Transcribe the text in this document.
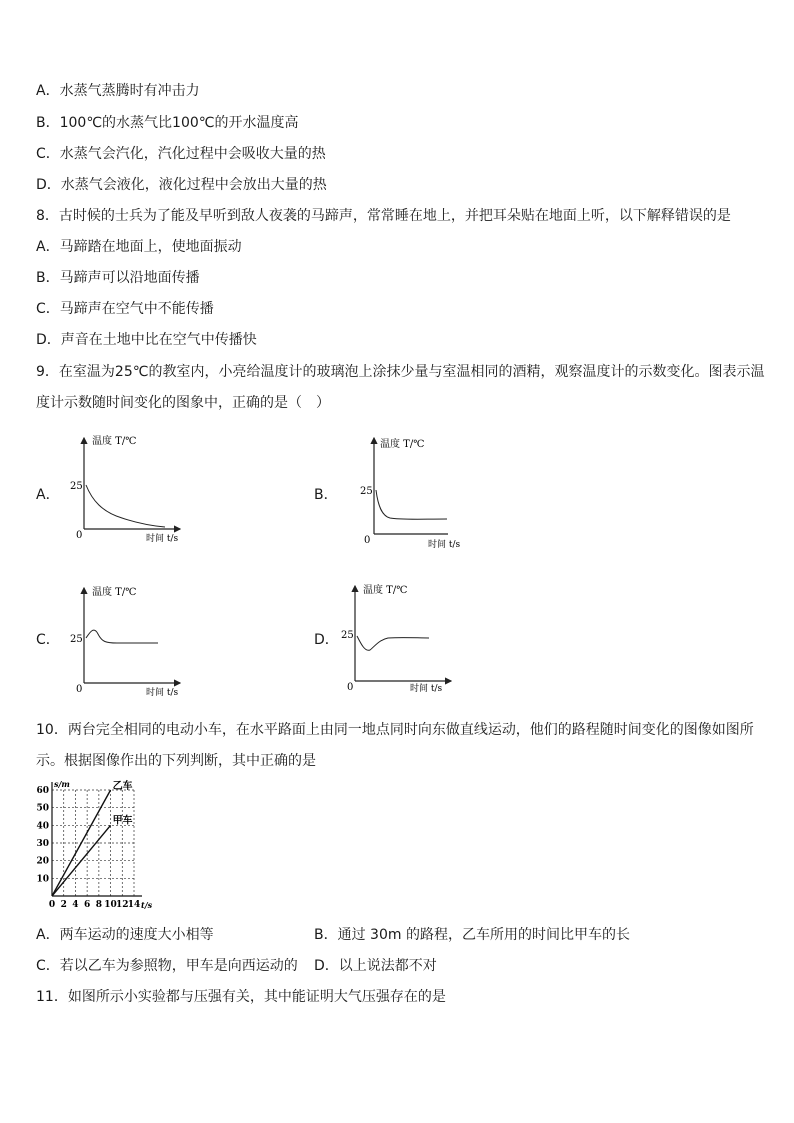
A．水蒸气蒸腾时有冲击力
B．100℃的水蒸气比100℃的开水温度高
C．水蒸气会汽化，汽化过程中会吸收大量的热
D．水蒸气会液化，液化过程中会放出大量的热
8．古时候的士兵为了能及早听到敌人夜袭的马蹄声，常常睡在地上，并把耳朵贴在地面上听，以下解释错误的是
A．马蹄踏在地面上，使地面振动
B．马蹄声可以沿地面传播
C．马蹄声在空气中不能传播
D．声音在土地中比在空气中传播快
9．在室温为25℃的教室内，小亮给温度计的玻璃泡上涂抹少量与室温相同的酒精，观察温度计的示数变化。图表示温度计示数随时间变化的图象中，正确的是（　）
A．	B．
C．	D．
温度 T/℃
25
0	时间 t/s
温度 T/℃
25
0	时间 t/s
温度 T/℃
25
0	时间 t/s
温度 T/℃
25
0	时间 t/s
10．两台完全相同的电动小车，在水平路面上由同一地点同时向东做直线运动，他们的路程随时间变化的图像如图所示。根据图像作出的下列判断，其中正确的是
s/m
t/s
0 2 4 6 8 10 12 14
10
20
30
40
50
60	乙车
甲车
A．两车运动的速度大小相等	B．通过 30m 的路程，乙车所用的时间比甲车的长
C．若以乙车为参照物，甲车是向西运动的 D．以上说法都不对
11．如图所示小实验都与压强有关，其中能证明大气压强存在的是
